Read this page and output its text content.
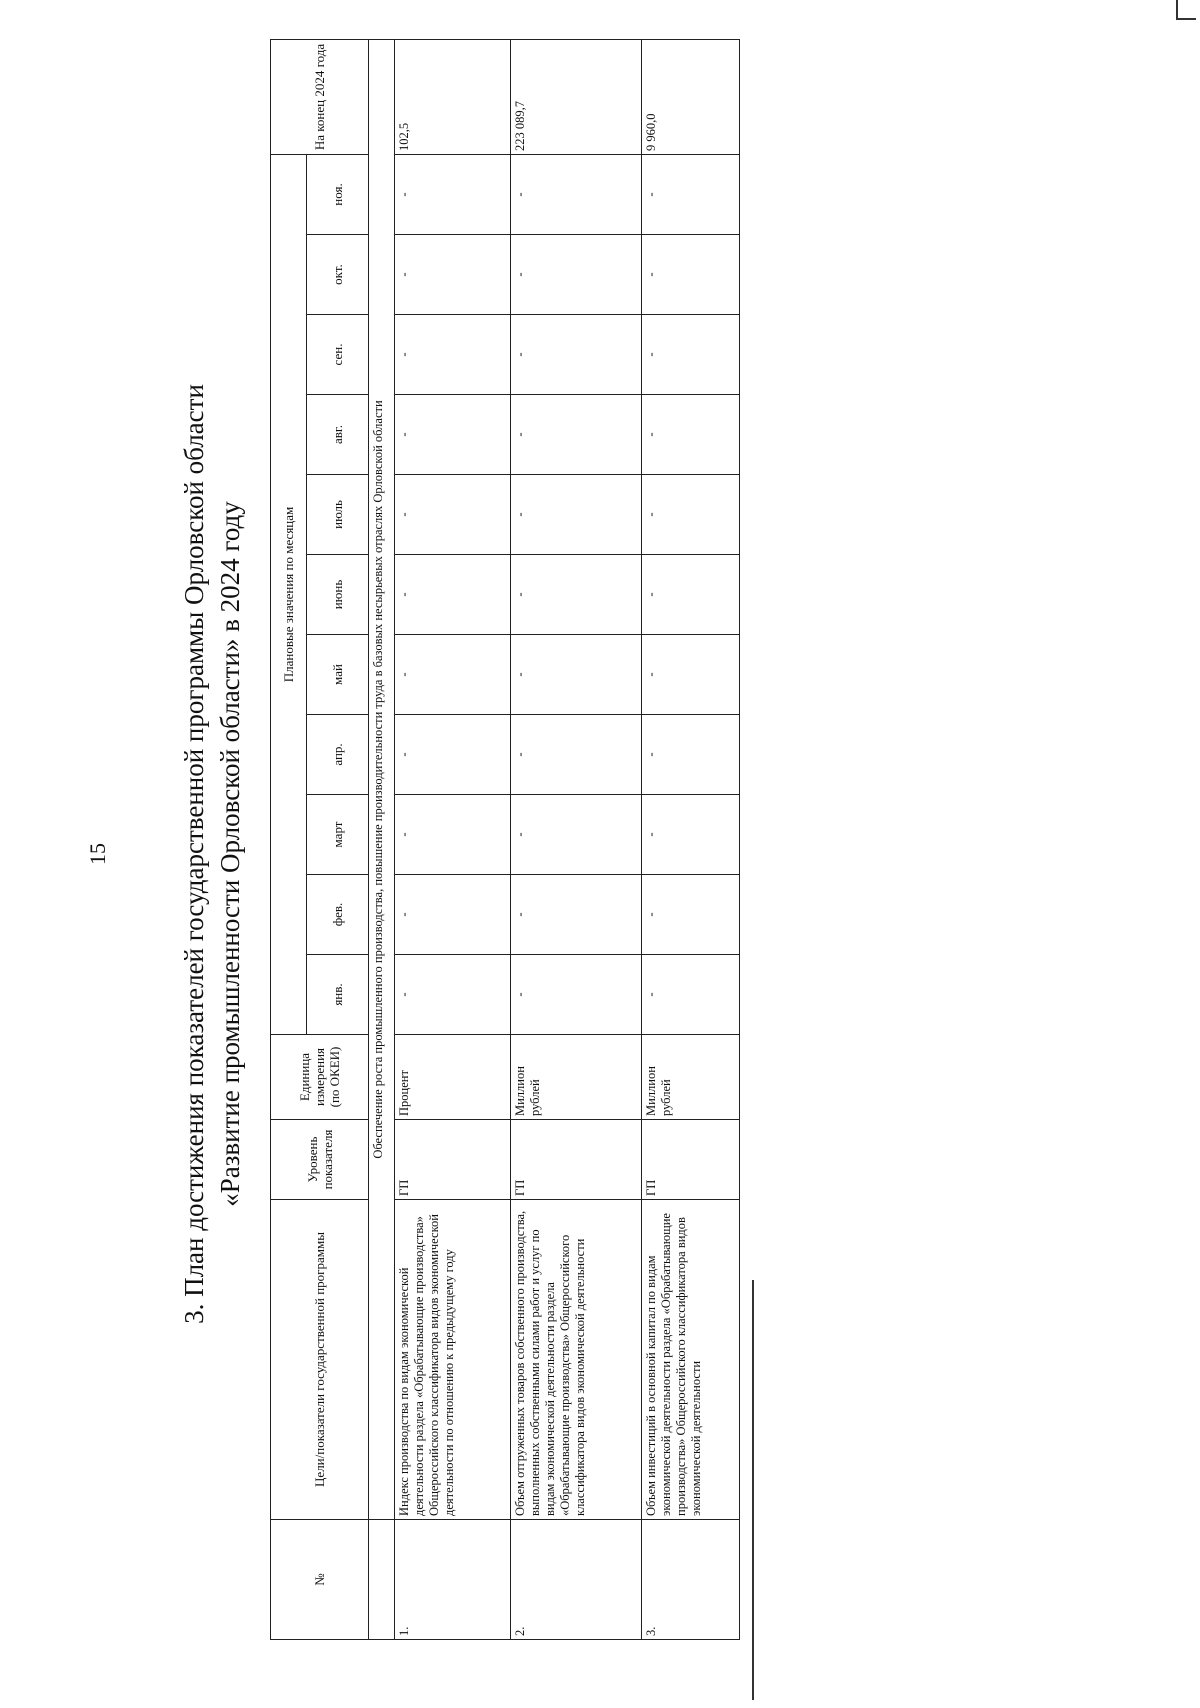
15	3. План достижения показателей государственной программы Орловской области «Развитие промышленности Орловской области» в 2024 году
№	Цели/показатели государственной программы	Уровень показателя	Единица измерения (по ОКЕИ)	Плановые значения по месяцам											На конец 2024 года
				янв.	фев.	март	апр.	май	июнь	июль	авг.	сен.	окт.	ноя.	
	Обеспечение роста промышленного производства, повышение производительности труда в базовых несырьевых отраслях Орловской области														
1.	Индекс производства по видам экономической деятельности раздела «Обрабатывающие производства» Общероссийского классификатора видов экономической деятельности по отношению к предыдущему году	ГП	Процент	-	-	-	-	-	-	-	-	-	-	-	102,5
2.	Объем отгруженных товаров собственного производства, выполненных собственными силами работ и услуг по видам экономической деятельности раздела «Обрабатывающие производства» Общероссийского классификатора видов экономической деятельности	ГП	Миллион рублей	-	-	-	-	-	-	-	-	-	-	-	223 089,7
3.	Объем инвестиций в основной капитал по видам экономической деятельности раздела «Обрабатывающие производства» Общероссийского классификатора видов экономической деятельности	ГП	Миллион рублей	-	-	-	-	-	-	-	-	-	-	-	9 960,0
